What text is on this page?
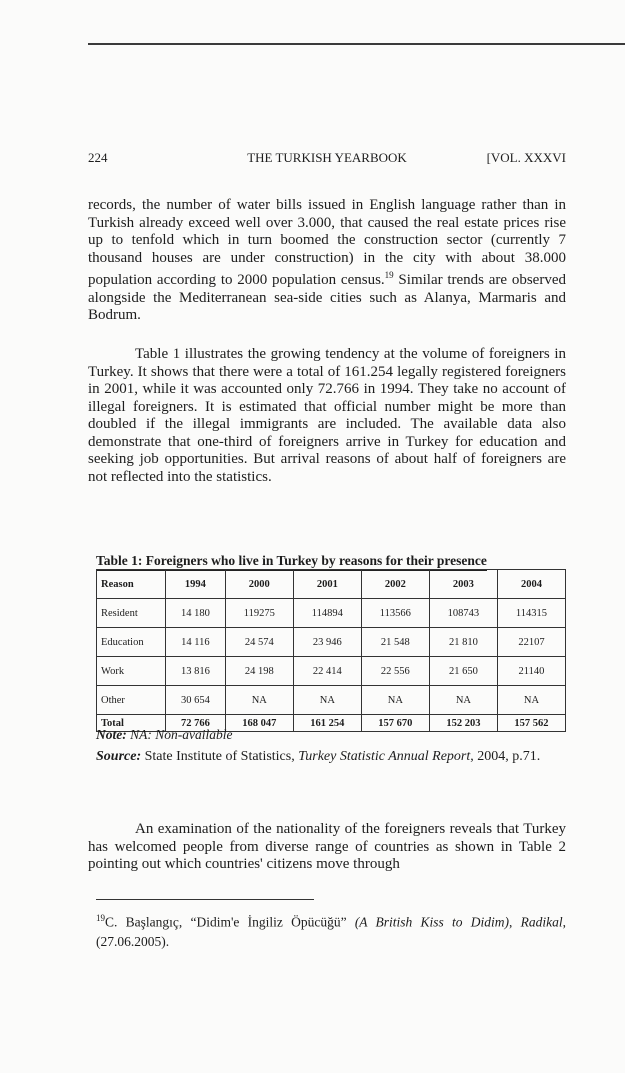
224	THE TURKISH YEARBOOK	[VOL. XXXVI

records, the number of water bills issued in English language rather than in Turkish already exceed well over 3.000, that caused the real estate prices rise up to tenfold which in turn boomed the construction sector (currently 7 thousand houses are under construction) in the city with about 38.000 population according to 2000 population census.$^{19}$ Similar trends are observed alongside the Mediterranean sea-side cities such as Alanya, Marmaris and Bodrum.

Table 1 illustrates the growing tendency at the volume of foreigners in Turkey. It shows that there were a total of 161.254 legally registered foreigners in 2001, while it was accounted only 72.766 in 1994. They take no account of illegal foreigners. It is estimated that official number might be more than doubled if the illegal immigrants are included. The available data also demonstrate that one-third of foreigners arrive in Turkey for education and seeking job opportunities. But arrival reasons of about half of foreigners are not reflected into the statistics.

Table 1: Foreigners who live in Turkey by reasons for their presence
Reason	1994	2000	2001	2002	2003	2004
Resident	14 180	119275	114894	113566	108743	114315
Education	14 116	24 574	23 946	21 548	21 810	22107
Work	13 816	24 198	22 414	22 556	21 650	21140
Other	30 654	NA	NA	NA	NA	NA
Total	72 766	168 047	161 254	157 670	152 203	157 562
Note: NA: Non-available
Source: State Institute of Statistics, Turkey Statistic Annual Report, 2004, p.71.

An examination of the nationality of the foreigners reveals that Turkey has welcomed people from diverse range of countries as shown in Table 2 pointing out which countries' citizens move through

$^{19}$C. Başlangıç, “Didim'e İngiliz Öpücüğü” (A British Kiss to Didim), Radikal, (27.06.2005).
